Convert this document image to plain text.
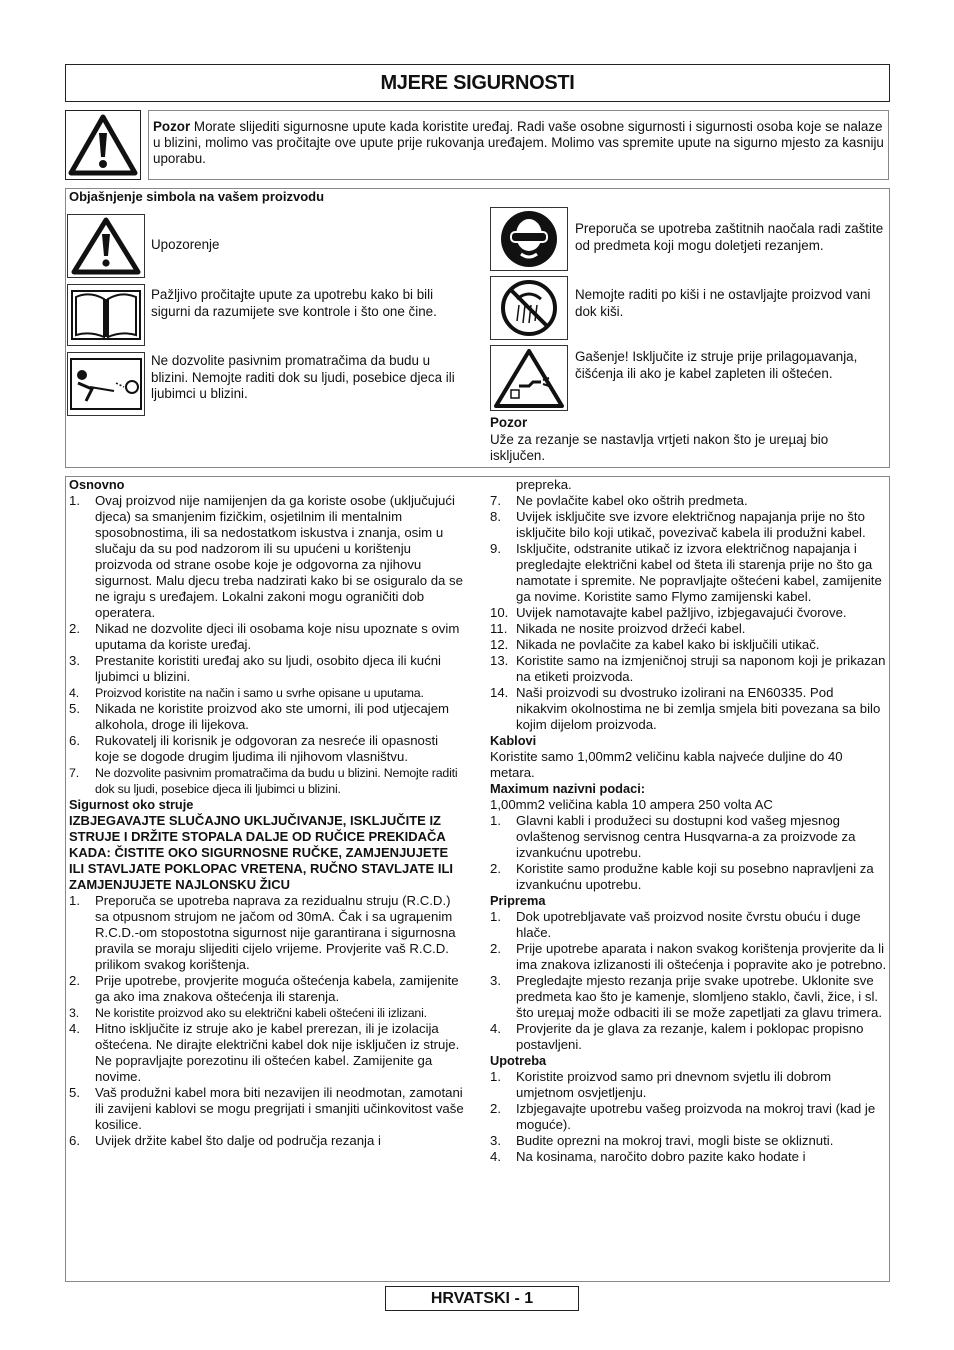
MJERE SIGURNOSTI
Pozor Morate slijediti sigurnosne upute kada koristite uređaj. Radi vaše osobne sigurnosti i sigurnosti osoba koje se nalaze u blizini, molimo vas pročitajte ove upute prije rukovanja uređajem. Molimo vas spremite upute na sigurno mjesto za kasniju uporabu.
Objašnjenje simbola na vašem proizvodu
Upozorenje
Pažljivo pročitajte upute za upotrebu kako bi bili sigurni da razumijete sve kontrole i što one čine.
Ne dozvolite pasivnim promatračima da budu u blizini. Nemojte raditi dok su ljudi, posebice djeca ili ljubimci u blizini.
Preporuča se upotreba zaštitnih naočala radi zaštite od predmeta koji mogu doletjeti rezanjem.
Nemojte raditi po kiši i ne ostavljajte proizvod vani dok kiši.
Gašenje! Isključite iz struje prije prilagoµavanja, čišćenja ili ako je kabel zapleten ili oštećen.
Pozor
Uže za rezanje se nastavlja vrtjeti nakon što je ureµaj bio isključen.
Osnovno
1. Ovaj proizvod nije namijenjen da ga koriste osobe (uključujući djeca) sa smanjenim fizičkim, osjetilnim ili mentalnim sposobnostima, ili sa nedostatkom iskustva i znanja, osim u slučaju da su pod nadzorom ili su upućeni u korištenju proizvoda od strane osobe koje je odgovorna za njihovu sigurnost. Malu djecu treba nadzirati kako bi se osiguralo da se ne igraju s uređajem. Lokalni zakoni mogu ograničiti dob operatera.
2. Nikad ne dozvolite djeci ili osobama koje nisu upoznate s ovim uputama da koriste uređaj.
3. Prestanite koristiti uređaj ako su ljudi, osobito djeca ili kućni ljubimci u blizini.
4. Proizvod koristite na način i samo u svrhe opisane u uputama.
5. Nikada ne koristite proizvod ako ste umorni, ili pod utjecajem alkohola, droge ili lijekova.
6. Rukovatelj ili korisnik je odgovoran za nesreće ili opasnosti koje se dogode drugim ljudima ili njihovom vlasništvu.
7. Ne dozvolite pasivnim promatračima da budu u blizini. Nemojte raditi dok su ljudi, posebice djeca ili ljubimci u blizini.
Sigurnost oko struje
IZBJEGAVAJTE SLUČAJNO UKLJUČIVANJE, ISKLJUČITE IZ STRUJE I DRŽITE STOPALA DALJE OD RUČICE PREKIDAČA KADA: ČISTITE OKO SIGURNOSNE RUČKE, ZAMJENJUJETE ILI STAVLJATE POKLOPAC VRETENA, RUČNO STAVLJATE ILI ZAMJENJUJETE NAJLONSKU ŽICU
1. Preporuča se upotreba naprava za rezidualnu struju (R.C.D.) sa otpusnom strujom ne jačom od 30mA. Čak i sa ugraµenim R.C.D.-om stopostotna sigurnost nije garantirana i sigurnosna pravila se moraju slijediti cijelo vrijeme. Provjerite vaš R.C.D. prilikom svakog korištenja.
2. Prije upotrebe, provjerite moguća oštećenja kabela, zamijenite ga ako ima znakova oštećenja ili starenja.
3. Ne koristite proizvod ako su električni kabeli oštećeni ili izlizani.
4. Hitno isključite iz struje ako je kabel prerezan, ili je izolacija oštećena. Ne dirajte električni kabel dok nije isključen iz struje. Ne popravljajte porezotinu ili oštećen kabel. Zamijenite ga novime.
5. Vaš produžni kabel mora biti nezavijen ili neodmotan, zamotani ili zavijeni kablovi se mogu pregrijati i smanjiti učinkovitost vaše kosilice.
6. Uvijek držite kabel što dalje od područja rezanja i
prepreka.
7. Ne povlačite kabel oko oštrih predmeta.
8. Uvijek isključite sve izvore električnog napajanja prije no što isključite bilo koji utikač, povezivač kabela ili produžni kabel.
9. Isključite, odstranite utikač iz izvora električnog napajanja i pregledajte električni kabel od šteta ili starenja prije no što ga namotate i spremite. Ne popravljajte oštećeni kabel, zamijenite ga novime. Koristite samo Flymo zamijenski kabel.
10. Uvijek namotavajte kabel pažljivo, izbjegavajući čvorove.
11. Nikada ne nosite proizvod držeći kabel.
12. Nikada ne povlačite za kabel kako bi isključili utikač.
13. Koristite samo na izmjeničnoj struji sa naponom koji je prikazan na etiketi proizvoda.
14. Naši proizvodi su dvostruko izolirani na EN60335. Pod nikakvim okolnostima ne bi zemlja smjela biti povezana sa bilo kojim dijelom proizvoda.
Kablovi
Koristite samo 1,00mm2 veličinu kabla najveće duljine do 40 metara.
Maximum nazivni podaci:
1,00mm2 veličina kabla 10 ampera 250 volta AC
1. Glavni kabli i produžeci su dostupni kod vašeg mjesnog ovlaštenog servisnog centra Husqvarna-a za proizvode za izvankućnu upotrebu.
2. Koristite samo produžne kable koji su posebno napravljeni za izvankućnu upotrebu.
Priprema
1. Dok upotrebljavate vaš proizvod nosite čvrstu obuću i duge hlače.
2. Prije upotrebe aparata i nakon svakog korištenja provjerite da li ima znakova izlizanosti ili oštećenja i popravite ako je potrebno.
3. Pregledajte mjesto rezanja prije svake upotrebe. Uklonite sve predmeta kao što je kamenje, slomljeno staklo, čavli, žice, i sl. što ureµaj može odbaciti ili se može zapetljati za glavu trimera.
4. Provjerite da je glava za rezanje, kalem i poklopac propisno postavljeni.
Upotreba
1. Koristite proizvod samo pri dnevnom svjetlu ili dobrom umjetnom osvjetljenju.
2. Izbjegavajte upotrebu vašeg proizvoda na mokroj travi (kad je moguće).
3. Budite oprezni na mokroj travi, mogli biste se okliznuti.
4. Na kosinama, naročito dobro pazite kako hodate i
HRVATSKI - 1
